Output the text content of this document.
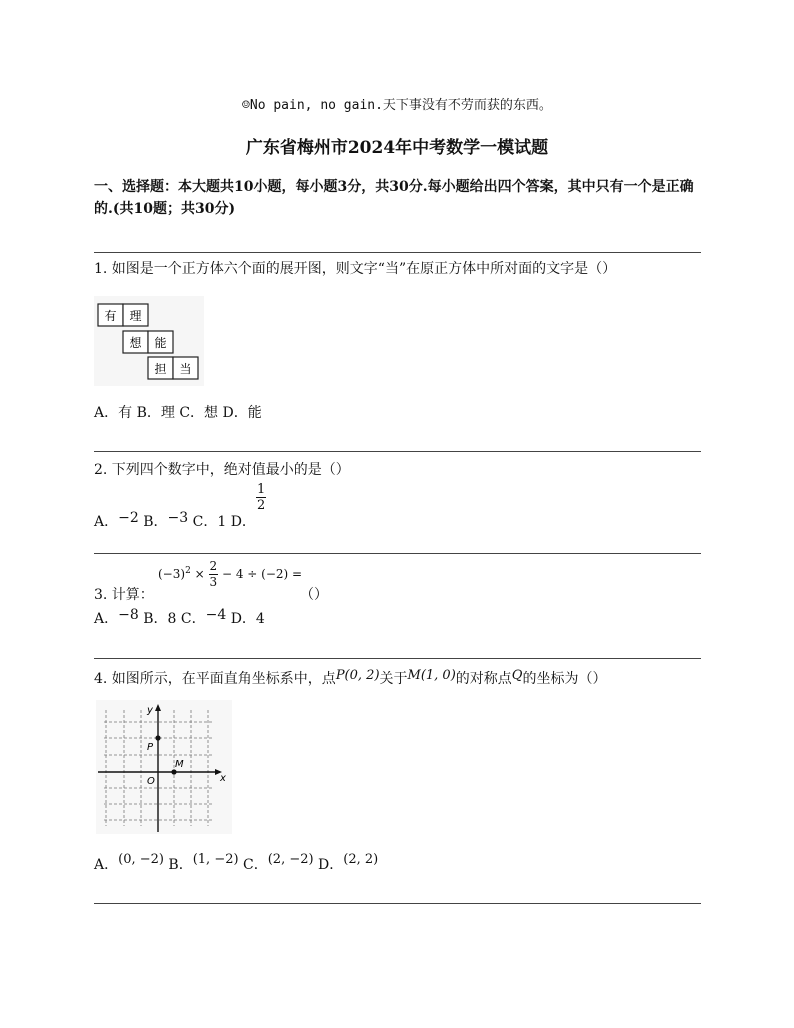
☺No pain, no gain.天下事没有不劳而获的东西。
广东省梅州市2024年中考数学一模试题
一、选择题：本大题共10小题，每小题3分，共30分.每小题给出四个答案，其中只有一个是正确的.(共10题；共30分)
1. 如图是一个正方体六个面的展开图，则文字“当”在原正方体中所对面的文字是（）
有 理
想 能
担 当
A．有 B．理 C．想 D．能
2. 下列四个数字中，绝对值最小的是（）
A．−2 B．−3 C．1 D．
$\frac{1}{2}$
3. 计算：
$(-3)^2 \times \frac{2}{3} - 4 \div (-2)$ =
（）
A．−8 B．8 C．−4 D．4
4. 如图所示，在平面直角坐标系中，点P(0, 2)关于M(1, 0)的对称点Q的坐标为（）
y
x
O
P
M
A．(0, −2) B．(1, −2) C．(2, −2) D．(2, 2)
